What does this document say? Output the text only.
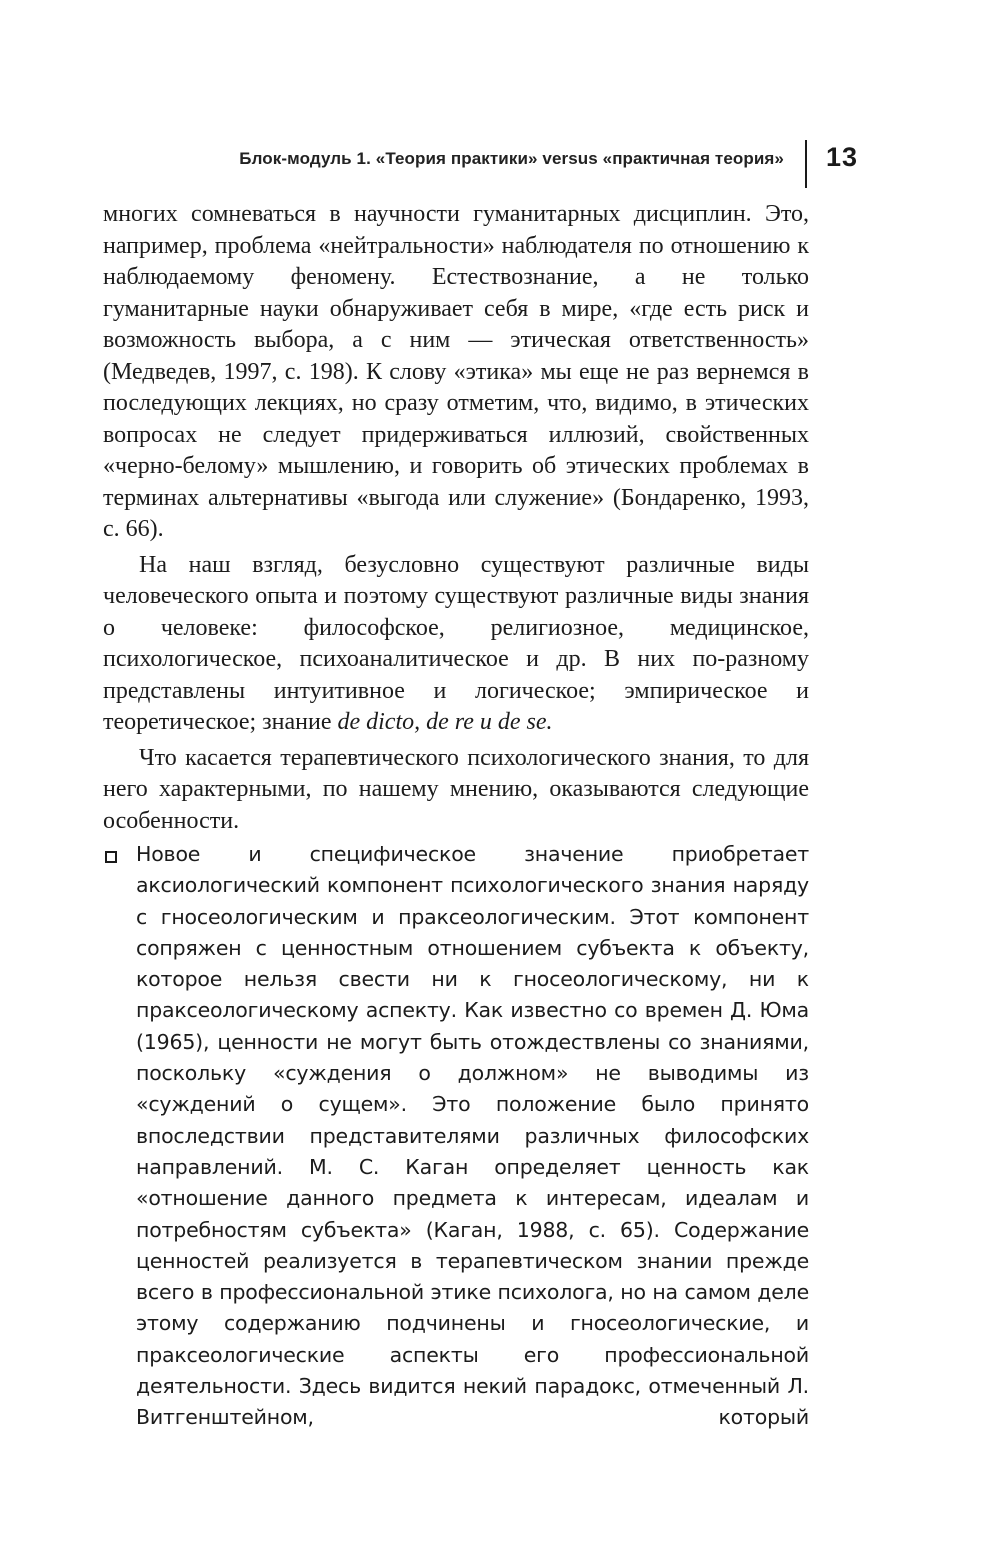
Блок-модуль 1. «Теория практики» versus «практичная теория» 13

многих сомневаться в научности гуманитарных дисциплин. Это, например, проблема «нейтральности» наблюдателя по отношению к наблюдаемому феномену. Естествознание, а не только гуманитарные науки обнаруживает себя в мире, «где есть риск и возможность выбора, а с ним — этическая ответственность» (Медведев, 1997, с. 198). К слову «этика» мы еще не раз вернемся в последующих лекциях, но сразу отметим, что, видимо, в этических вопросах не следует придерживаться иллюзий, свойственных «черно-белому» мышлению, и говорить об этических проблемах в терминах альтернативы «выгода или служение» (Бондаренко, 1993, с. 66).

На наш взгляд, безусловно существуют различные виды человеческого опыта и поэтому существуют различные виды знания о человеке: философское, религиозное, медицинское, психологическое, психоаналитическое и др. В них по-разному представлены интуитивное и логическое; эмпирическое и теоретическое; знание de dicto, de re и de se.

Что касается терапевтического психологического знания, то для него характерными, по нашему мнению, оказываются следующие особенности.

Новое и специфическое значение приобретает аксиологический компонент психологического знания наряду с гносеологическим и праксеологическим. Этот компонент сопряжен с ценностным отношением субъекта к объекту, которое нельзя свести ни к гносеологическому, ни к праксеологическому аспекту. Как известно со времен Д. Юма (1965), ценности не могут быть отождествлены со знаниями, поскольку «суждения о должном» не выводимы из «суждений о сущем». Это положение было принято впоследствии представителями различных философских направлений. М. С. Каган определяет ценность как «отношение данного предмета к интересам, идеалам и потребностям субъекта» (Каган, 1988, с. 65). Содержание ценностей реализуется в терапевтическом знании прежде всего в профессиональной этике психолога, но на самом деле этому содержанию подчинены и гносеологические, и праксеологические аспекты его профессиональной деятельности. Здесь видится некий парадокс, отмеченный Л. Витгенштейном, который
